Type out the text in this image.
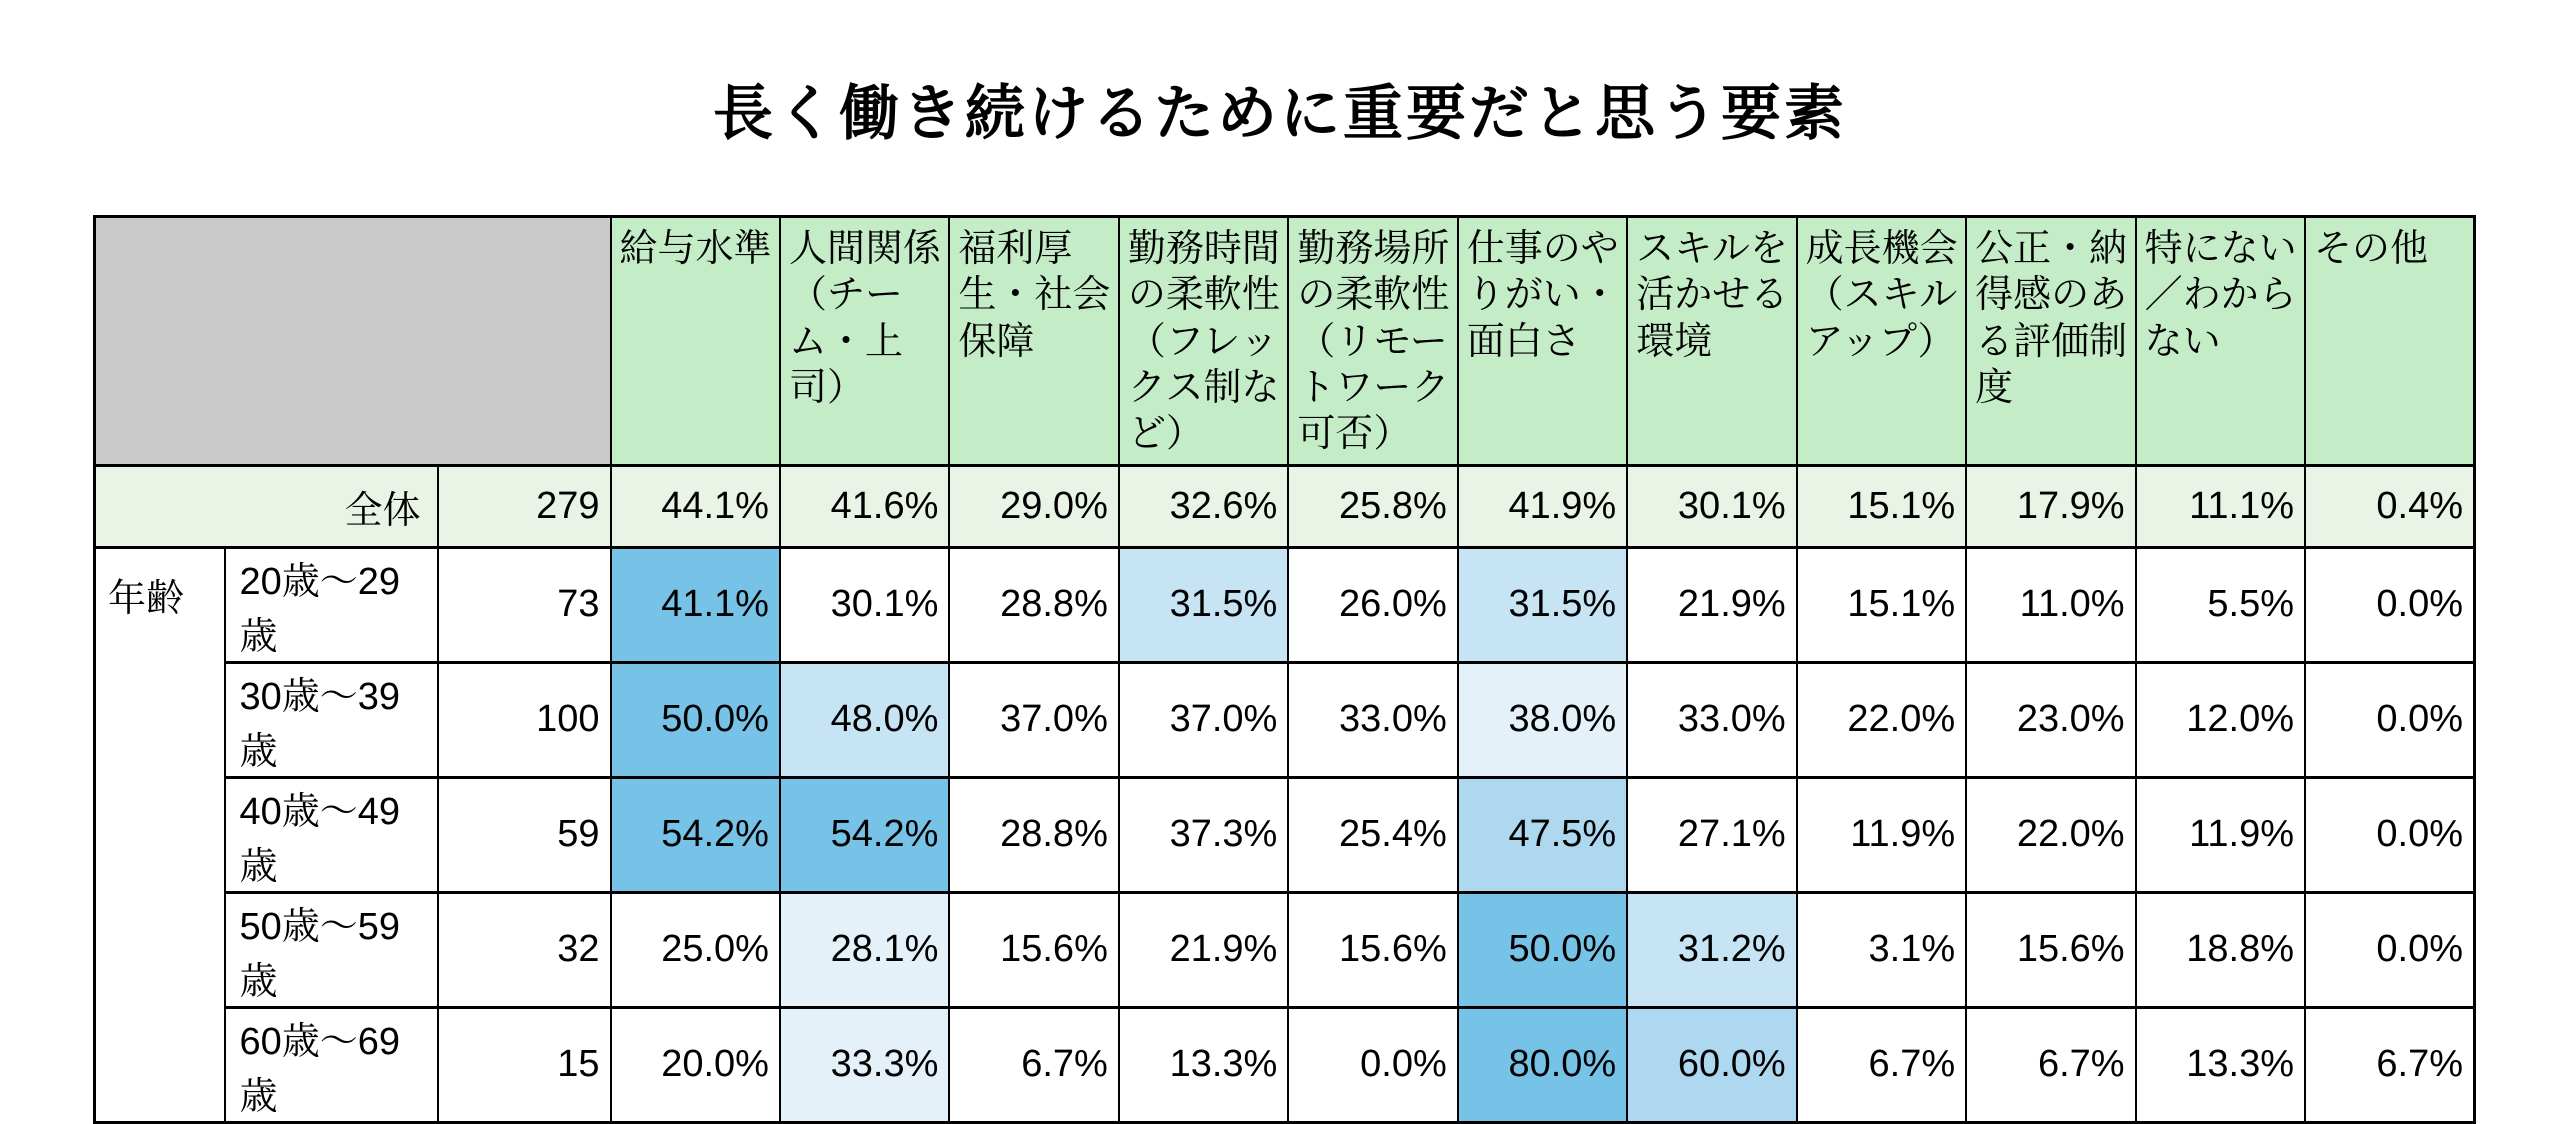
長く働き続けるために重要だと思う要素
			給与水準	人間関係（チーム・上司）	福利厚生・社会保障	勤務時間の柔軟性（フレックス制など）	勤務場所の柔軟性（リモートワーク可否）	仕事のやりがい・面白さ	スキルを活かせる環境	成長機会（スキルアップ）	公正・納得感のある評価制度	特にない／わからない	その他
全体		279	44.1%	41.6%	29.0%	32.6%	25.8%	41.9%	30.1%	15.1%	17.9%	11.1%	0.4%
年齢	20歳〜29歳	73	41.1%	30.1%	28.8%	31.5%	26.0%	31.5%	21.9%	15.1%	11.0%	5.5%	0.0%
	30歳〜39歳	100	50.0%	48.0%	37.0%	37.0%	33.0%	38.0%	33.0%	22.0%	23.0%	12.0%	0.0%
	40歳〜49歳	59	54.2%	54.2%	28.8%	37.3%	25.4%	47.5%	27.1%	11.9%	22.0%	11.9%	0.0%
	50歳〜59歳	32	25.0%	28.1%	15.6%	21.9%	15.6%	50.0%	31.2%	3.1%	15.6%	18.8%	0.0%
	60歳〜69歳	15	20.0%	33.3%	6.7%	13.3%	0.0%	80.0%	60.0%	6.7%	6.7%	13.3%	6.7%
